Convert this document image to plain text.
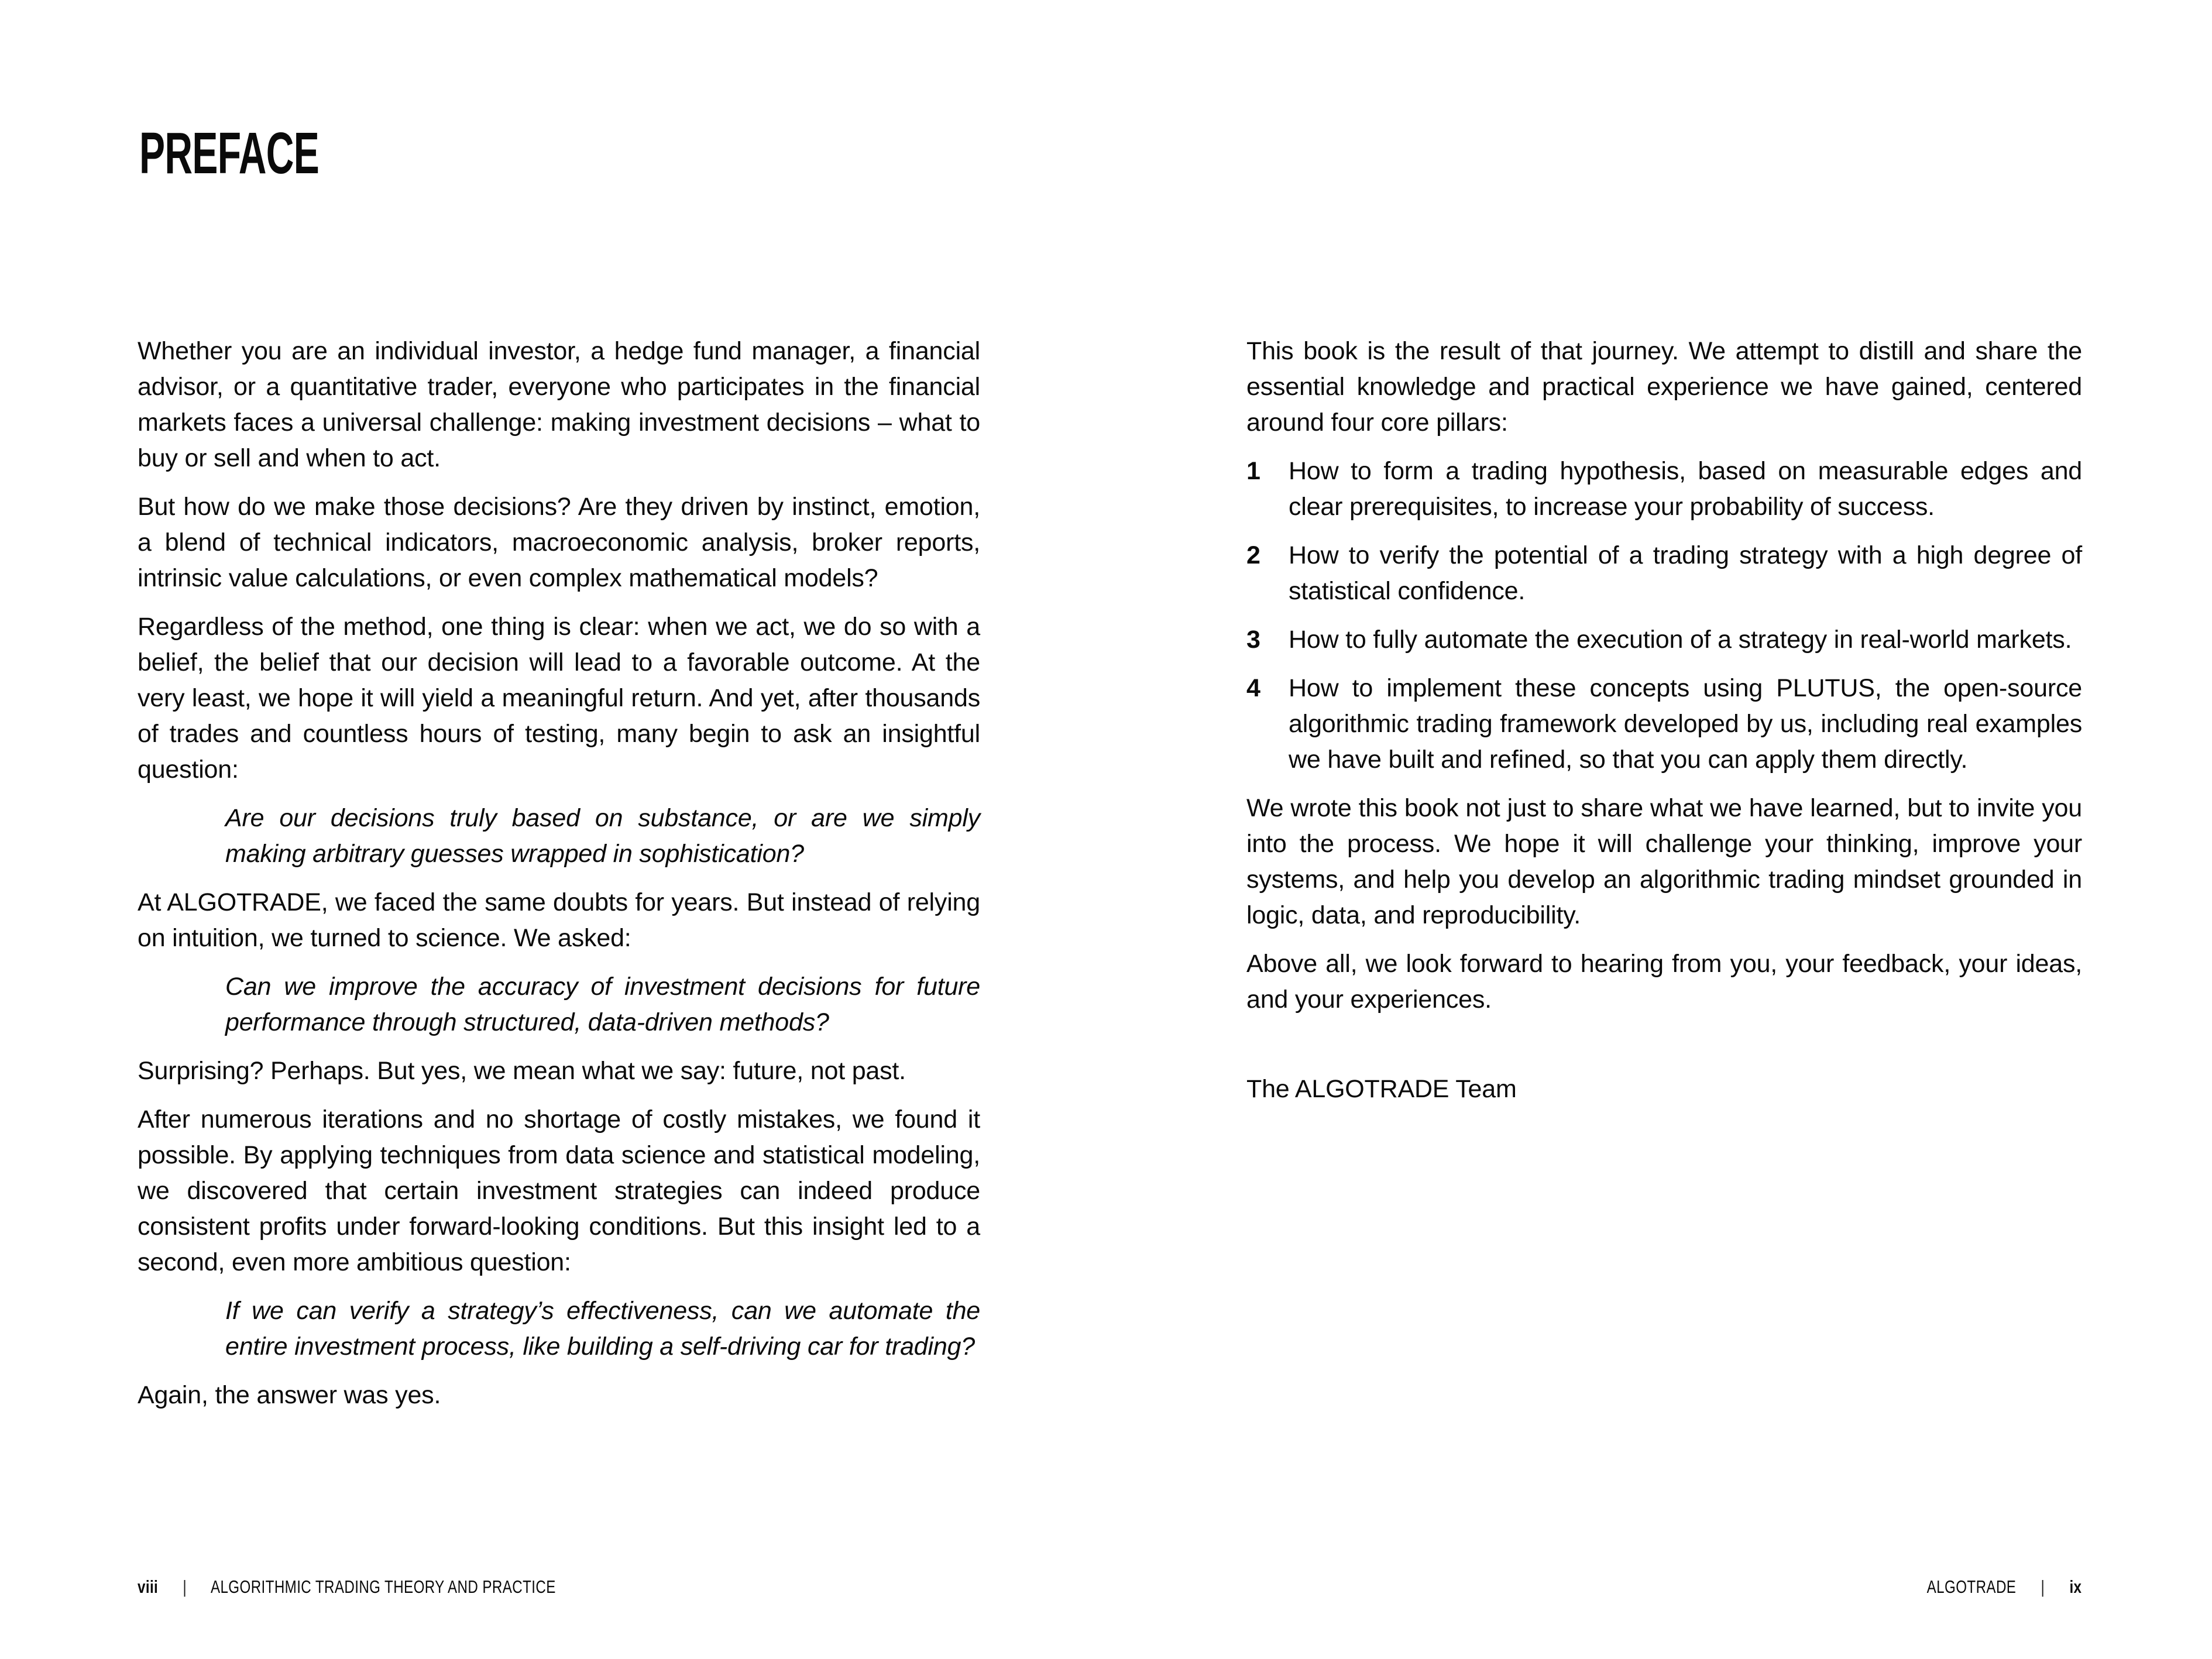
PREFACE

Whether you are an individual investor, a hedge fund manager, a financial advisor, or a quantitative trader, everyone who participates in the financial markets faces a universal challenge: making investment decisions – what to buy or sell and when to act.

But how do we make those decisions? Are they driven by instinct, emotion, a blend of technical indicators, macroeconomic analysis, broker reports, intrinsic value calculations, or even complex mathematical models?

Regardless of the method, one thing is clear: when we act, we do so with a belief, the belief that our decision will lead to a favorable outcome. At the very least, we hope it will yield a meaningful return. And yet, after thousands of trades and countless hours of testing, many begin to ask an insightful question:

Are our decisions truly based on substance, or are we simply making arbitrary guesses wrapped in sophistication?

At ALGOTRADE, we faced the same doubts for years. But instead of relying on intuition, we turned to science. We asked:

Can we improve the accuracy of investment decisions for future performance through structured, data-driven methods?

Surprising? Perhaps. But yes, we mean what we say: future, not past.

After numerous iterations and no shortage of costly mistakes, we found it possible. By applying techniques from data science and statistical modeling, we discovered that certain investment strategies can indeed produce consistent profits under forward-looking conditions. But this insight led to a second, even more ambitious question:

If we can verify a strategy’s effectiveness, can we automate the entire investment process, like building a self-driving car for trading?

Again, the answer was yes.

viii | ALGORITHMIC TRADING THEORY AND PRACTICE

This book is the result of that journey. We attempt to distill and share the essential knowledge and practical experience we have gained, centered around four core pillars:

1	How to form a trading hypothesis, based on measurable edges and clear prerequisites, to increase your probability of success.

2	How to verify the potential of a trading strategy with a high degree of statistical confidence.

3	How to fully automate the execution of a strategy in real-world markets.

4	How to implement these concepts using PLUTUS, the open-source algorithmic trading framework developed by us, including real examples we have built and refined, so that you can apply them directly.

We wrote this book not just to share what we have learned, but to invite you into the process. We hope it will challenge your thinking, improve your systems, and help you develop an algorithmic trading mindset grounded in logic, data, and reproducibility.

Above all, we look forward to hearing from you, your feedback, your ideas, and your experiences.

The ALGOTRADE Team

ALGOTRADE | ix
